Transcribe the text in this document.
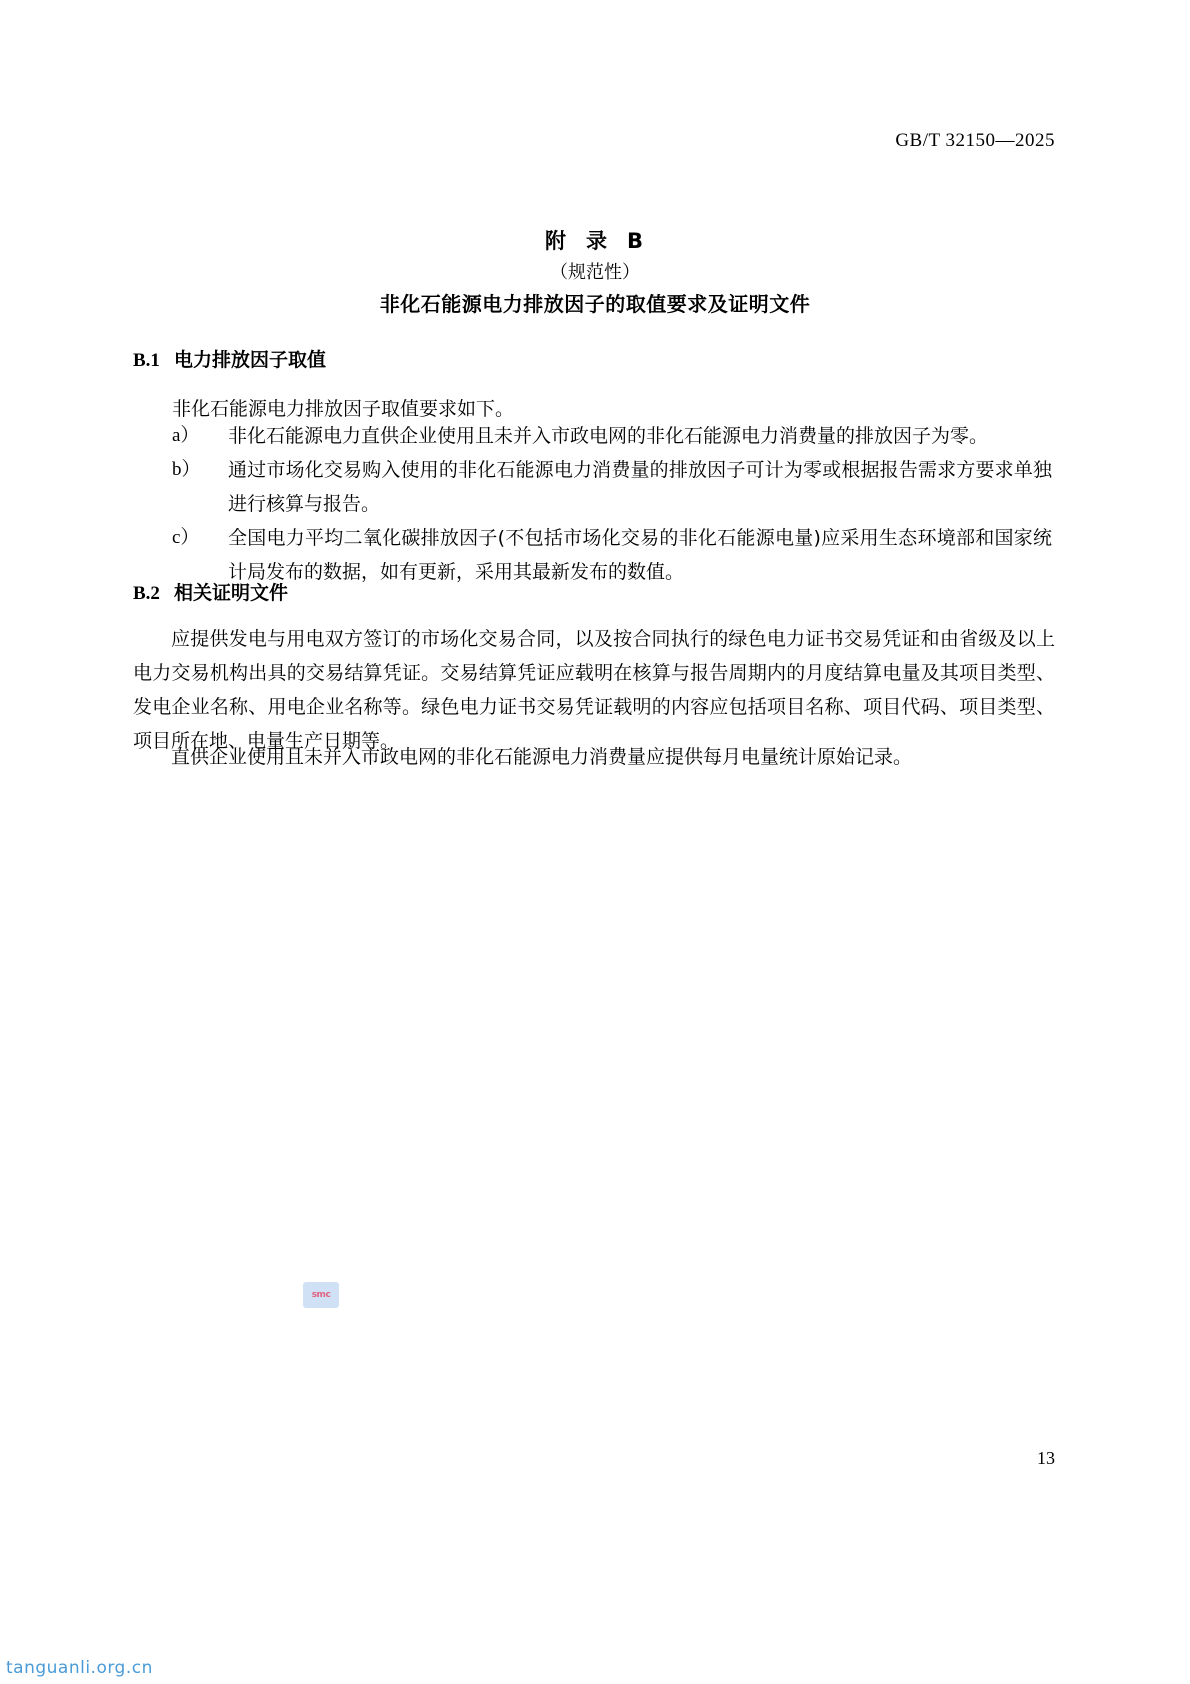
GB/T 32150—2025
附 录 B
（规范性）
非化石能源电力排放因子的取值要求及证明文件
B.1 电力排放因子取值
非化石能源电力排放因子取值要求如下。
a）	非化石能源电力直供企业使用且未并入市政电网的非化石能源电力消费量的排放因子为零。
b）	通过市场化交易购入使用的非化石能源电力消费量的排放因子可计为零或根据报告需求方要求单独进行核算与报告。
c）	全国电力平均二氧化碳排放因子(不包括市场化交易的非化石能源电量)应采用生态环境部和国家统计局发布的数据，如有更新，采用其最新发布的数值。
B.2 相关证明文件
应提供发电与用电双方签订的市场化交易合同，以及按合同执行的绿色电力证书交易凭证和由省级及以上电力交易机构出具的交易结算凭证。交易结算凭证应载明在核算与报告周期内的月度结算电量及其项目类型、发电企业名称、用电企业名称等。绿色电力证书交易凭证载明的内容应包括项目名称、项目代码、项目类型、项目所在地、电量生产日期等。
直供企业使用且未并入市政电网的非化石能源电力消费量应提供每月电量统计原始记录。
smc
13
tanguanli.org.cn
